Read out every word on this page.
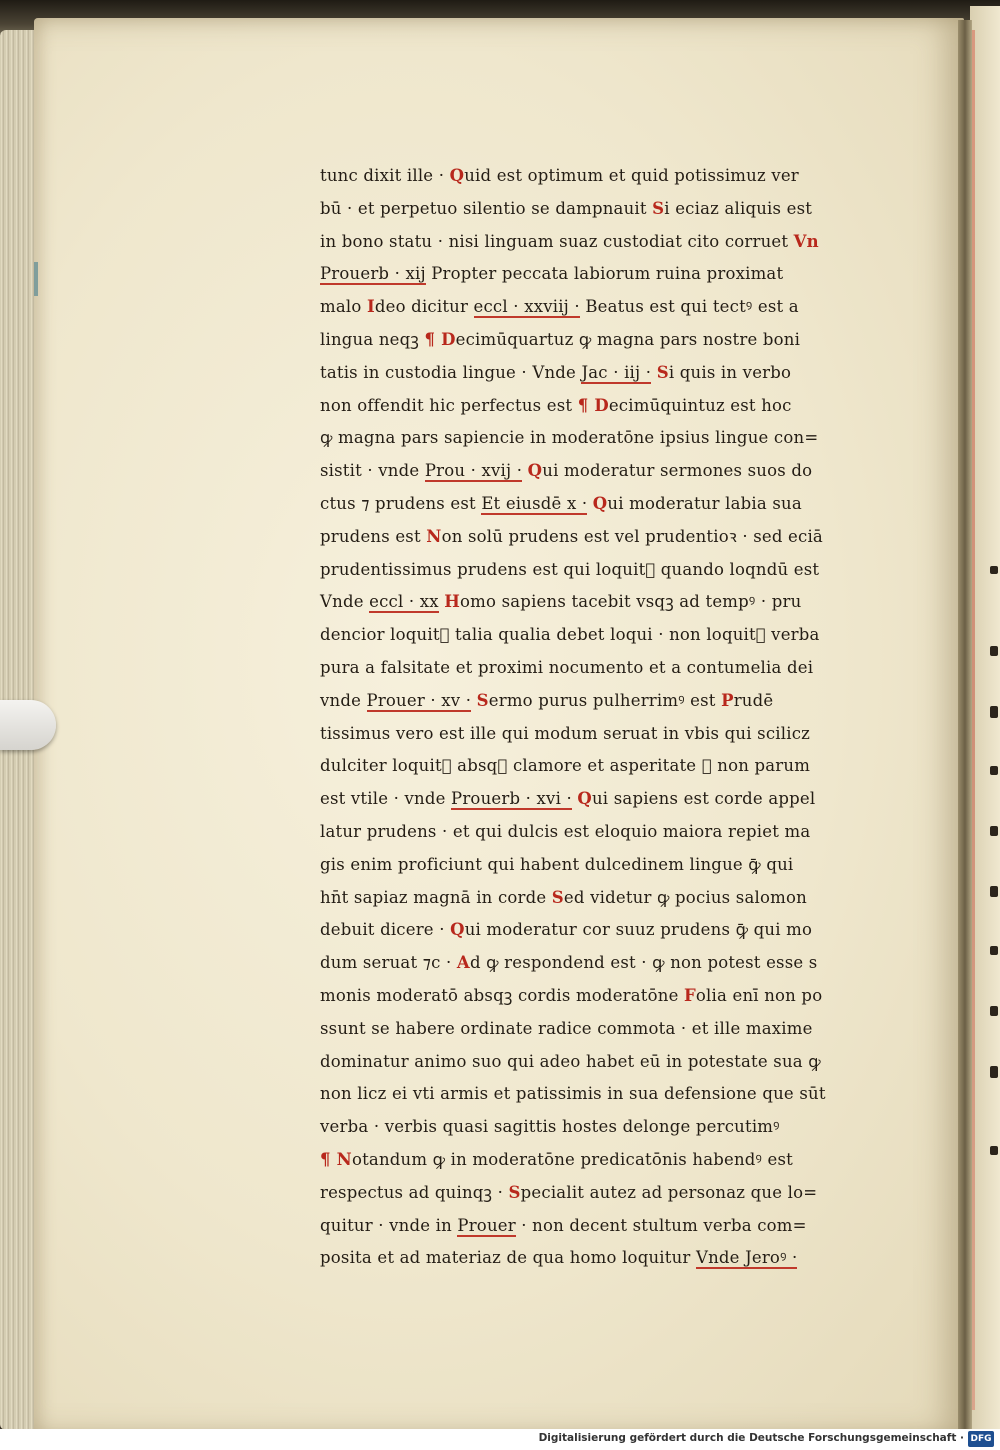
tunc dixit ille · Quid est optimum et quid potissimuz ver
bū · et perpetuo silentio se dampnauit Si eciaz aliquis est
in bono statu · nisi linguam suaz custodiat cito corruet Vn
Prouerb · xij Propter peccata labiorum ruina proximat
malo Ideo dicitur eccl · xxviij · Beatus est qui tectꝰ est a
lingua neqꝫ ¶ Decimūquartuz ꝙ magna pars nostre boni
tatis in custodia lingue · Vnde Jac · iij · Si quis in verbo
non offendit hic perfectus est ¶ Decimūquintuz est hoc
ꝙ magna pars sapiencie in moderatōne ipsius lingue con=
sistit · vnde Prou · xvij · Qui moderatur sermones suos do
ctus ⁊ prudens est Et eiusdē x · Qui moderatur labia sua
prudens est Non solū prudens est vel prudentioꝛ · sed eciā
prudentissimus prudens est qui loquit᷑ quando loqndū est
Vnde eccl · xx Homo sapiens tacebit vsqꝫ ad tempꝰ · pru
dencior loquit᷑ talia qualia debet loqui · non loquit᷑ verba
pura a falsitate et proximi nocumento et a contumelia dei
vnde Prouer · xv · Sermo purus pulherrimꝰ est Prudē
tissimus vero est ille qui modum seruat in vbis qui scilicz
dulciter loquit᷑ absqꝫ clamore et asperitate ꝙ non parum
est vtile · vnde Prouerb · xvi · Qui sapiens est corde appel
latur prudens · et qui dulcis est eloquio maiora repiet ma
gis enim proficiunt qui habent dulcedinem lingue ꝙ̄ qui
hn̄t sapiaz magnā in corde Sed videtur ꝙ pocius salomon
debuit dicere · Qui moderatur cor suuz prudens ꝙ̄ qui mo
dum seruat ⁊c · Ad ꝙ respondend est · ꝙ non potest esse s
monis moderatō absqꝫ cordis moderatōne Folia enī non po
ssunt se habere ordinate radice commota · et ille maxime
dominatur animo suo qui adeo habet eū in potestate sua ꝙ
non licz ei vti armis et patissimis in sua defensione que sūt
verba · verbis quasi sagittis hostes delonge percutimꝰ
¶ Notandum ꝙ in moderatōne predicatōnis habendꝰ est
respectus ad quinqꝫ · Specialit autez ad personaz que lo=
quitur · vnde in Prouer · non decent stultum verba com=
posita et ad materiaz de qua homo loquitur Vnde Jeroꝰ ·
Digitalisierung gefördert durch die Deutsche Forschungsgemeinschaft · DFG
